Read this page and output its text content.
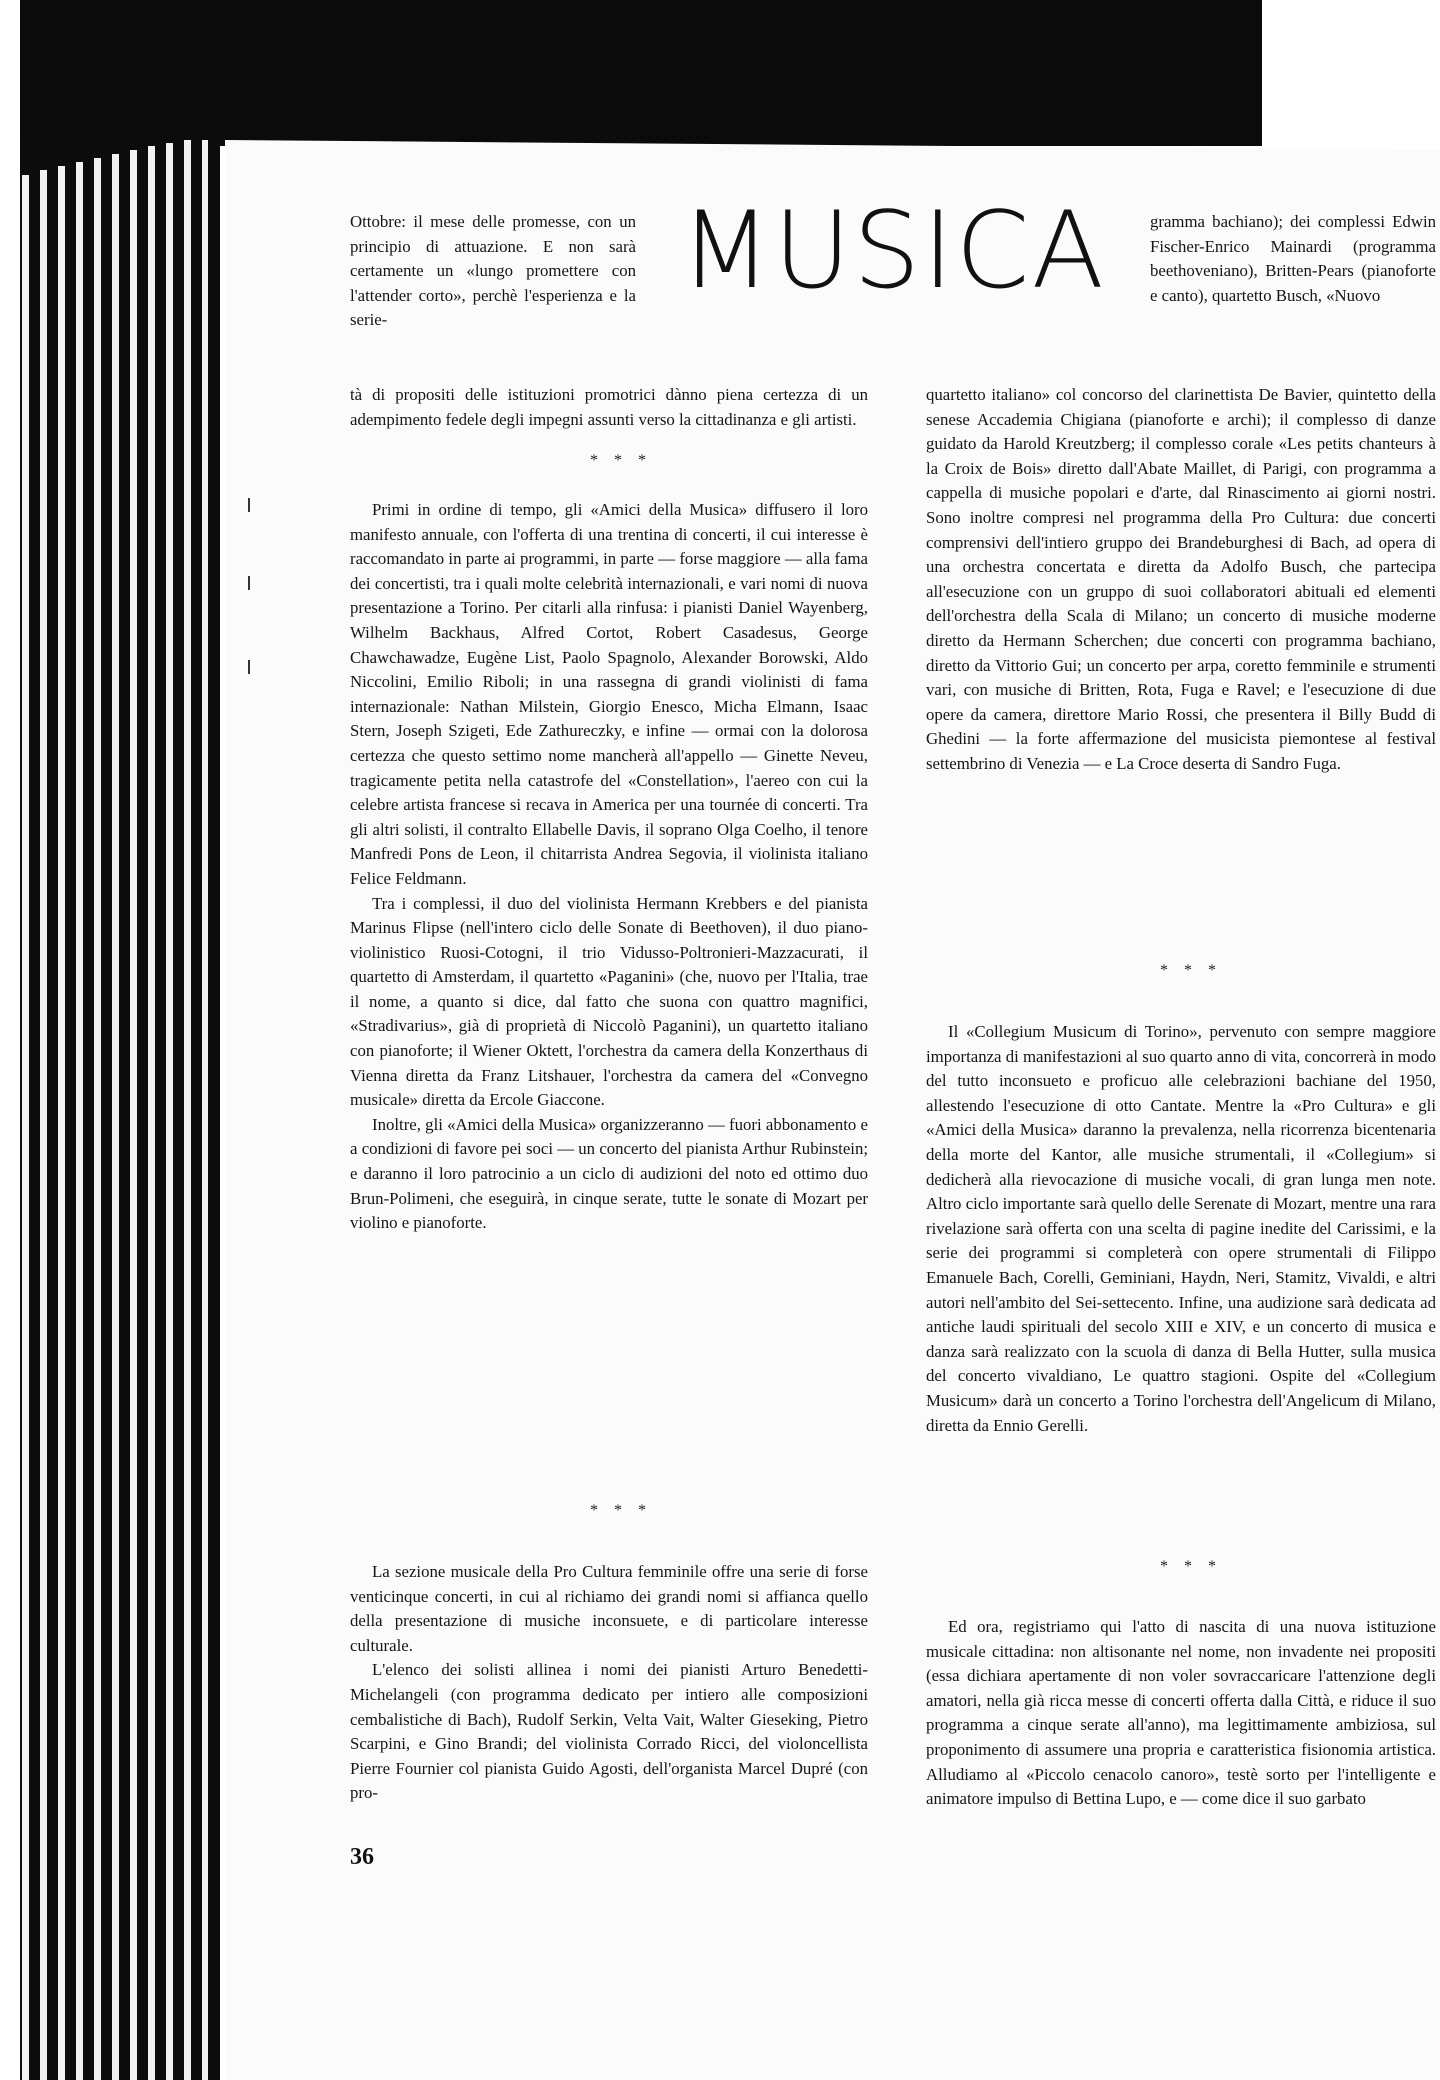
MUSICA

Ottobre: il mese delle promesse, con un principio di attuazione. E non sarà certamente un «lungo promettere con l'attender corto», perchè l'esperienza e la serie-

tà di propositi delle istituzioni promotrici dànno piena certezza di un adempimento fedele degli impegni assunti verso la cittadinanza e gli artisti.

* * *

Primi in ordine di tempo, gli «Amici della Musica» diffusero il loro manifesto annuale, con l'offerta di una trentina di concerti, il cui interesse è raccomandato in parte ai programmi, in parte — forse maggiore — alla fama dei concertisti, tra i quali molte celebrità internazionali, e vari nomi di nuova presentazione a Torino. Per citarli alla rinfusa: i pianisti Daniel Wayenberg, Wilhelm Backhaus, Alfred Cortot, Robert Casadesus, George Chawchawadze, Eugène List, Paolo Spagnolo, Alexander Borowski, Aldo Niccolini, Emilio Riboli; in una rassegna di grandi violinisti di fama internazionale: Nathan Milstein, Giorgio Enesco, Micha Elmann, Isaac Stern, Joseph Szigeti, Ede Zathureczky, e infine — ormai con la dolorosa certezza che questo settimo nome mancherà all'appello — Ginette Neveu, tragicamente petita nella catastrofe del «Constellation», l'aereo con cui la celebre artista francese si recava in America per una tournée di concerti. Tra gli altri solisti, il contralto Ellabelle Davis, il soprano Olga Coelho, il tenore Manfredi Pons de Leon, il chitarrista Andrea Segovia, il violinista italiano Felice Feldmann.

Tra i complessi, il duo del violinista Hermann Krebbers e del pianista Marinus Flipse (nell'intero ciclo delle Sonate di Beethoven), il duo piano-violinistico Ruosi-Cotogni, il trio Vidusso-Poltronieri-Mazzacurati, il quartetto di Amsterdam, il quartetto «Paganini» (che, nuovo per l'Italia, trae il nome, a quanto si dice, dal fatto che suona con quattro magnifici, «Stradivarius», già di proprietà di Niccolò Paganini), un quartetto italiano con pianoforte; il Wiener Oktett, l'orchestra da camera della Konzerthaus di Vienna diretta da Franz Litshauer, l'orchestra da camera del «Convegno musicale» diretta da Ercole Giaccone.

Inoltre, gli «Amici della Musica» organizzeranno — fuori abbonamento e a condizioni di favore pei soci — un concerto del pianista Arthur Rubinstein; e daranno il loro patrocinio a un ciclo di audizioni del noto ed ottimo duo Brun-Polimeni, che eseguirà, in cinque serate, tutte le sonate di Mozart per violino e pianoforte.

* * *

La sezione musicale della Pro Cultura femminile offre una serie di forse venticinque concerti, in cui al richiamo dei grandi nomi si affianca quello della presentazione di musiche inconsuete, e di particolare interesse culturale.

L'elenco dei solisti allinea i nomi dei pianisti Arturo Benedetti-Michelangeli (con programma dedicato per intiero alle composizioni cembalistiche di Bach), Rudolf Serkin, Velta Vait, Walter Gieseking, Pietro Scarpini, e Gino Brandi; del violinista Corrado Ricci, del violoncellista Pierre Fournier col pianista Guido Agosti, dell'organista Marcel Dupré (con pro-

gramma bachiano); dei complessi Edwin Fischer-Enrico Mainardi (programma beethoveniano), Britten-Pears (pianoforte e canto), quartetto Busch, «Nuovo

quartetto italiano» col concorso del clarinettista De Bavier, quintetto della senese Accademia Chigiana (pianoforte e archi); il complesso di danze guidato da Harold Kreutzberg; il complesso corale «Les petits chanteurs à la Croix de Bois» diretto dall'Abate Maillet, di Parigi, con programma a cappella di musiche popolari e d'arte, dal Rinascimento ai giorni nostri. Sono inoltre compresi nel programma della Pro Cultura: due concerti comprensivi dell'intiero gruppo dei Brandeburghesi di Bach, ad opera di una orchestra concertata e diretta da Adolfo Busch, che partecipa all'esecuzione con un gruppo di suoi collaboratori abituali ed elementi dell'orchestra della Scala di Milano; un concerto di musiche moderne diretto da Hermann Scherchen; due concerti con programma bachiano, diretto da Vittorio Gui; un concerto per arpa, coretto femminile e strumenti vari, con musiche di Britten, Rota, Fuga e Ravel; e l'esecuzione di due opere da camera, direttore Mario Rossi, che presentera il Billy Budd di Ghedini — la forte affermazione del musicista piemontese al festival settembrino di Venezia — e La Croce deserta di Sandro Fuga.

* * *

Il «Collegium Musicum di Torino», pervenuto con sempre maggiore importanza di manifestazioni al suo quarto anno di vita, concorrerà in modo del tutto inconsueto e proficuo alle celebrazioni bachiane del 1950, allestendo l'esecuzione di otto Cantate. Mentre la «Pro Cultura» e gli «Amici della Musica» daranno la prevalenza, nella ricorrenza bicentenaria della morte del Kantor, alle musiche strumentali, il «Collegium» si dedicherà alla rievocazione di musiche vocali, di gran lunga men note. Altro ciclo importante sarà quello delle Serenate di Mozart, mentre una rara rivelazione sarà offerta con una scelta di pagine inedite del Carissimi, e la serie dei programmi si completerà con opere strumentali di Filippo Emanuele Bach, Corelli, Geminiani, Haydn, Neri, Stamitz, Vivaldi, e altri autori nell'ambito del Sei-settecento. Infine, una audizione sarà dedicata ad antiche laudi spirituali del secolo XIII e XIV, e un concerto di musica e danza sarà realizzato con la scuola di danza di Bella Hutter, sulla musica del concerto vivaldiano, Le quattro stagioni. Ospite del «Collegium Musicum» darà un concerto a Torino l'orchestra dell'Angelicum di Milano, diretta da Ennio Gerelli.

* * *

Ed ora, registriamo qui l'atto di nascita di una nuova istituzione musicale cittadina: non altisonante nel nome, non invadente nei propositi (essa dichiara apertamente di non voler sovraccaricare l'attenzione degli amatori, nella già ricca messe di concerti offerta dalla Città, e riduce il suo programma a cinque serate all'anno), ma legittimamente ambiziosa, sul proponimento di assumere una propria e caratteristica fisionomia artistica. Alludiamo al «Piccolo cenacolo canoro», testè sorto per l'intelligente e animatore impulso di Bettina Lupo, e — come dice il suo garbato

36
